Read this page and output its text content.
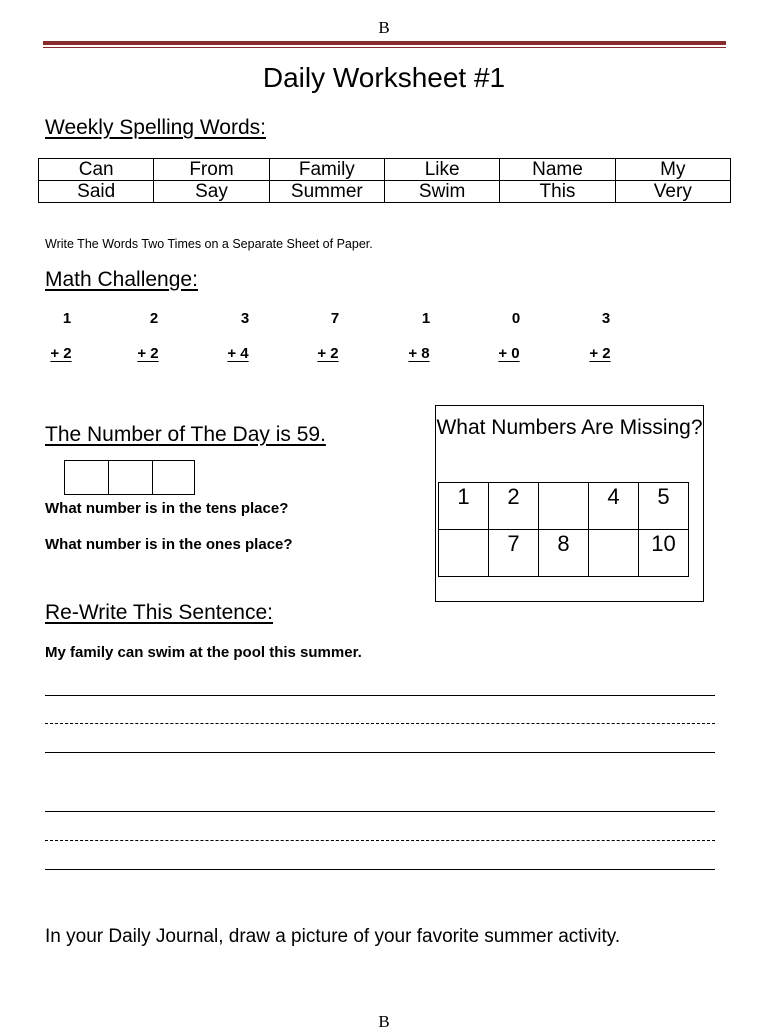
B
Daily Worksheet #1
Weekly Spelling Words:
Can	From	Family	Like	Name	My
Said	Say	Summer	Swim	This	Very
Write The Words Two Times on a Separate Sheet of Paper.
Math Challenge:
1	2	3	7	1	0	3
+ 2	+ 2	+ 4	+ 2	+ 8	+ 0	+ 2
The Number of The Day is 59.
What number is in the tens place?
What number is in the ones place?
What Numbers Are Missing?
1	2		4	5
	7	8		10
Re-Write This Sentence:
My family can swim at the pool this summer.
In your Daily Journal, draw a picture of your favorite summer activity.
B
